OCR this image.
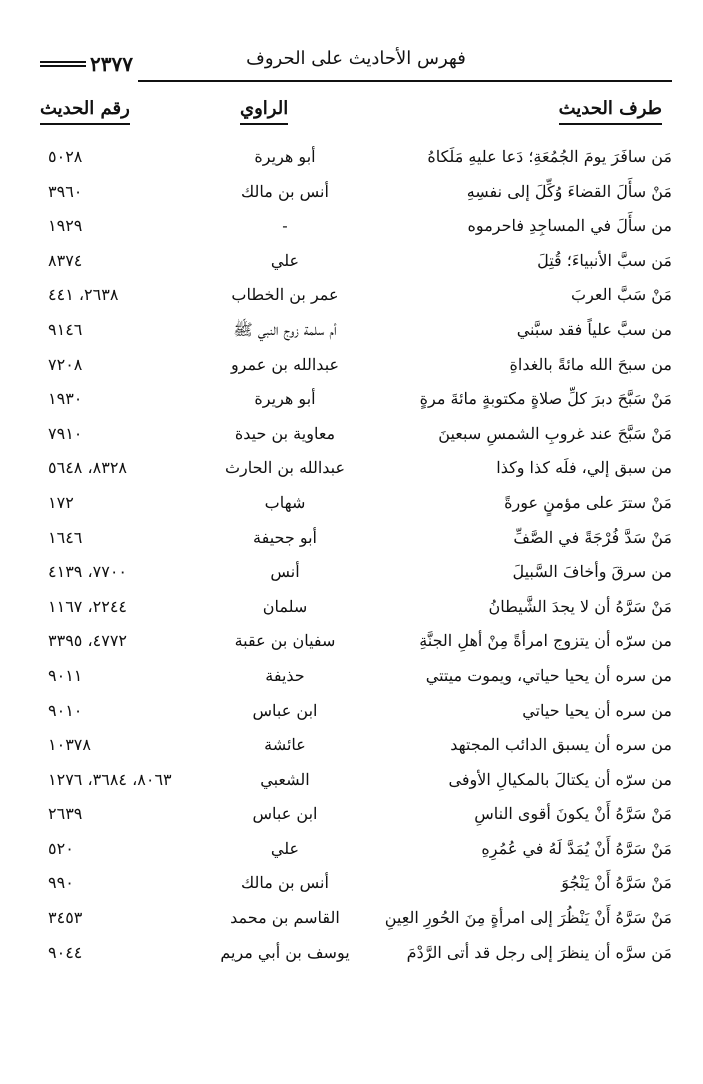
فهرس الأحاديث على الحروف
٢٣٧٧
طرف الحديث
الراوي
رقم الحديث
مَن سافَرَ يومَ الجُمُعَةِ؛ دَعا عليهِ مَلَكاهُ
أبو هريرة
٥٠٢٨
مَنْ سأَلَ القضاءَ وُكِّلَ إلى نفسِهِ
أنس بن مالك
٣٩٦٠
من سأَلَ في المساجِدِ فاحرموه
-
١٩٢٩
مَن سبَّ الأنبياءَ؛ قُتِلَ
علي
٨٣٧٤
مَنْ سَبَّ العربَ
عمر بن الخطاب
٢٦٣٨، ٤٤١
من سبَّ علياً فقد سبَّني
أم سلمة زوج النبي ﷺ
٩١٤٦
من سبحَ الله مائةً بالغداةِ
عبدالله بن عمرو
٧٢٠٨
مَنْ سَبَّحَ دبرَ كلِّ صلاةٍ مكتوبةٍ مائةَ مرةٍ
أبو هريرة
١٩٣٠
مَنْ سَبَّحَ عند غروبِ الشمسِ سبعينَ
معاوية بن حيدة
٧٩١٠
من سبق إلي، فلَه كذا وكذا
عبدالله بن الحارث
٨٣٢٨، ٥٦٤٨
مَنْ سترَ على مؤمنٍ عورةً
شهاب
١٧٢
مَنْ سَدَّ فُرْجَةً في الصَّفِّ
أبو جحيفة
١٦٤٦
من سرقَ وأخافَ السَّبيلَ
أنس
٧٧٠٠، ٤١٣٩
مَنْ سَرَّهُ أن لا يجدَ الشَّيطانُ
سلمان
٢٢٤٤، ١١٦٧
من سرّه أن يتزوج امرأةً مِنْ أهلِ الجنَّةِ
سفيان بن عقبة
٤٧٧٢، ٣٣٩٥
من سره أن يحيا حياتي، ويموت ميتتي
حذيفة
٩٠١١
من سره أن يحيا حياتي
ابن عباس
٩٠١٠
من سره أن يسبق الدائب المجتهد
عائشة
١٠٣٧٨
من سرّه أن يكتالَ بالمكيالِ الأوفى
الشعبي
٨٠٦٣، ٣٦٨٤، ١٢٧٦
مَنْ سَرَّهُ أَنْ يكونَ أقوى الناسِ
ابن عباس
٢٦٣٩
مَنْ سَرَّهُ أَنْ يُمَدَّ لَهُ في عُمُرِهِ
علي
٥٢٠
مَنْ سَرَّهُ أَنْ يَنْجُوَ
أنس بن مالك
٩٩٠
مَنْ سَرَّهُ أَنْ يَنْظُرَ إلى امرأةٍ مِنَ الحُورِ العِينِ
القاسم بن محمد
٣٤٥٣
مَن سرَّه أن ينظرَ إلى رجل قد أتى الرَّدْمَ
يوسف بن أبي مريم
٩٠٤٤
